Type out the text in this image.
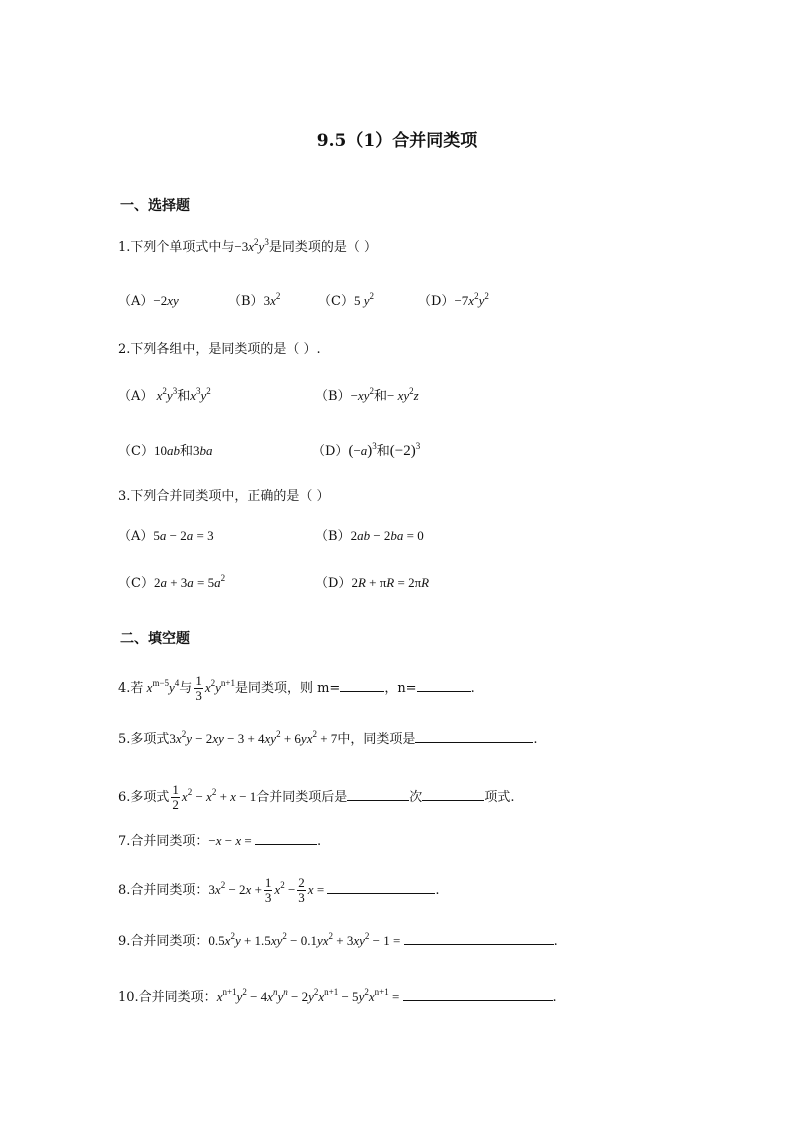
9.5（1）合并同类项
一、选择题
1.下列个单项式中与$-3x^2y^3$是同类项的是（ ）
（A）−2xy	$(B)3x^2$	（C）5 $y^2$	$(D)-7x^2y^2$
2.下列各组中，是同类项的是（ ）.
（A） $x^2y^3$和$x^3y^2$	$(B)-xy^2$和− $xy^2z$
（C）10ab和3ba	$(D)(-a)^3$和$(-2)^3$
3.下列合并同类项中，正确的是（ ）
（A）5a − 2a = 3	（B）2ab − 2ba = 0
$(C)2a + 3a = 5a^2$	（D）2R + πR = 2πR
二、填空题
4.若 $x^{m-5}y^4$与 $\frac{1}{3} x^2y^{n+1}$是同类项，则 m=	，n=	.
5.多项式$3x^2y - 2xy - 3 + 4xy^2 + 6yx^2 + 7$中，同类项是	.
6.多项式 $\frac{1}{2} x^2 - x^2 + x - 1$合并同类项后是	次	项式.
7.合并同类项：−x − x =	.
8.合并同类项：$3x^2 - 2x + \frac{1}{3} x^2 - \frac{2}{3}$ x =	.
9.合并同类项：$0.5x^2y + 1.5xy^2 - 0.1yx^2 + 3xy^2 - 1$ =	.
10.合并同类项：$x^{n+1}y^2 - 4x^ny^n - 2y^2x^{n+1} - 5y^2x^{n+1}$ =	.
